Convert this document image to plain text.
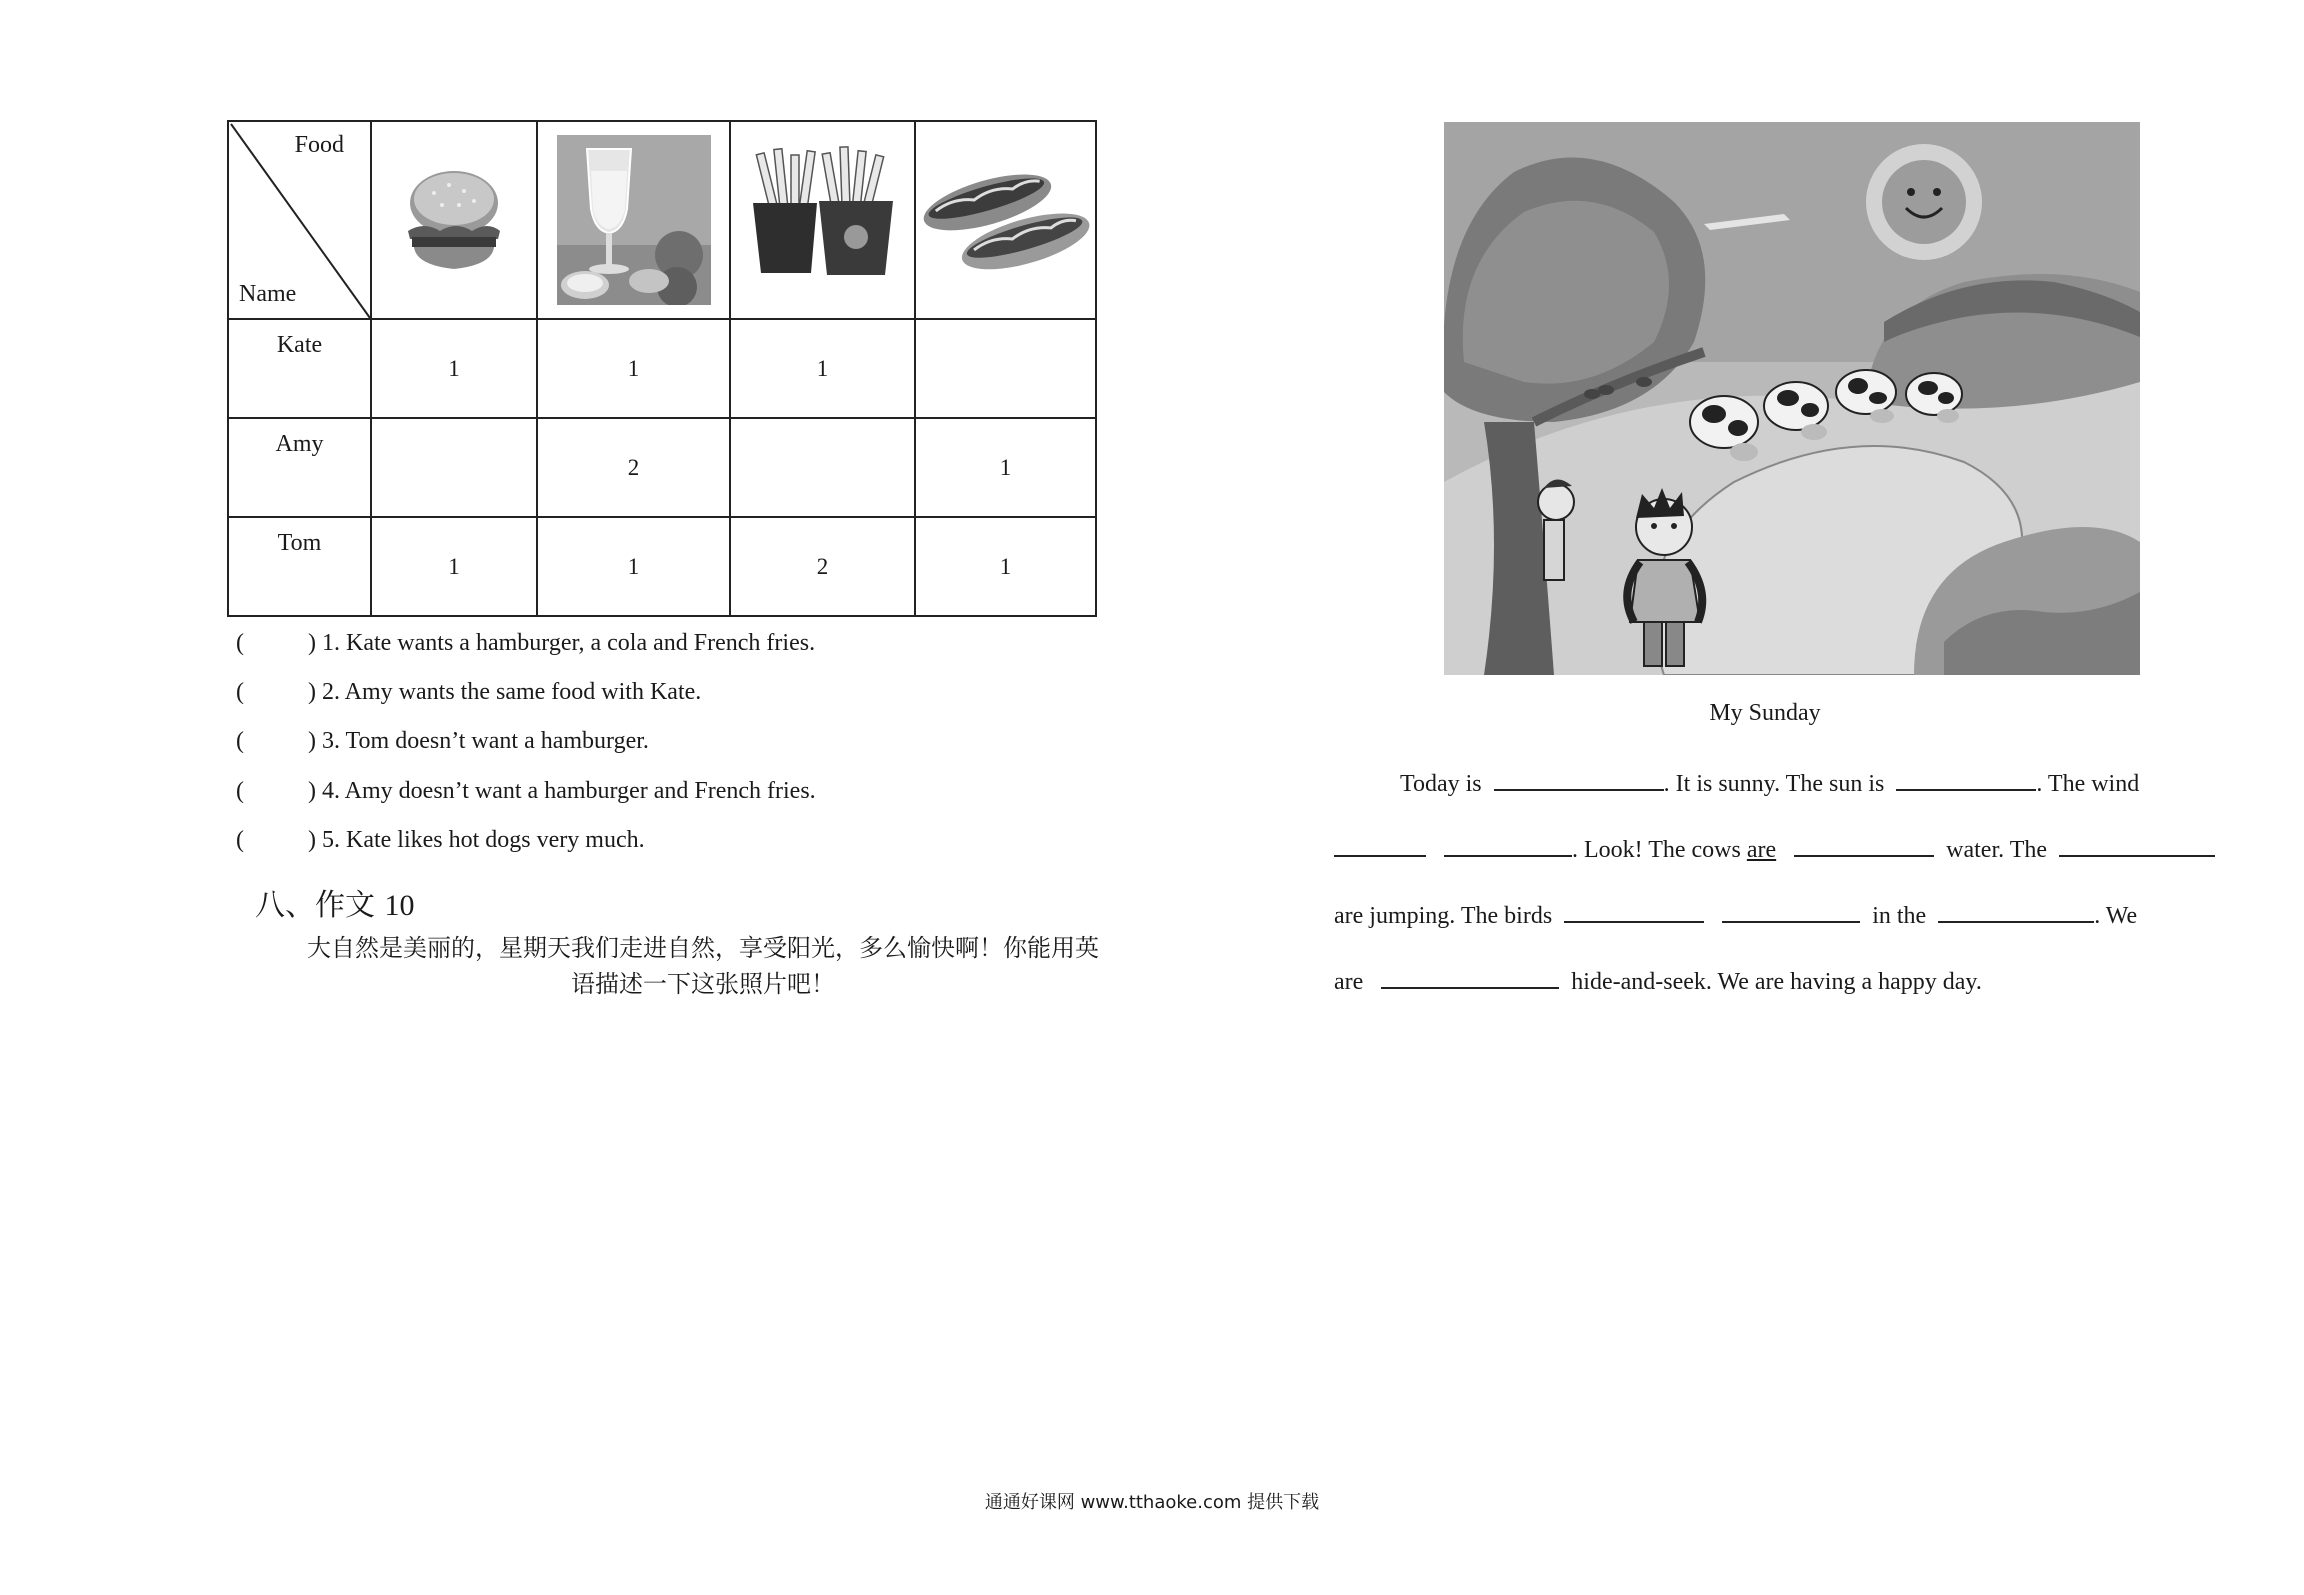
Food
Name

Kate	1	1	1	

Amy		2		1

Tom	1	1	2	1
(	) 1. Kate wants a hamburger, a cola and French fries.
(	) 2. Amy wants the same food with Kate.
(	) 3. Tom doesn’t want a hamburger.
(	) 4. Amy doesn’t want a hamburger and French fries.
(	) 5. Kate likes hot dogs very much.
八、作文 10
大自然是美丽的，星期天我们走进自然，享受阳光，多么愉快啊！你能用英
语描述一下这张照片吧！
My Sunday
Today is	. It is sunny. The sun is	. The wind
. Look! The cows are	water. The
are jumping. The birds	in the	. We
are	hide-and-seek. We are having a happy day.
通通好课网 www.tthaoke.com 提供下载
